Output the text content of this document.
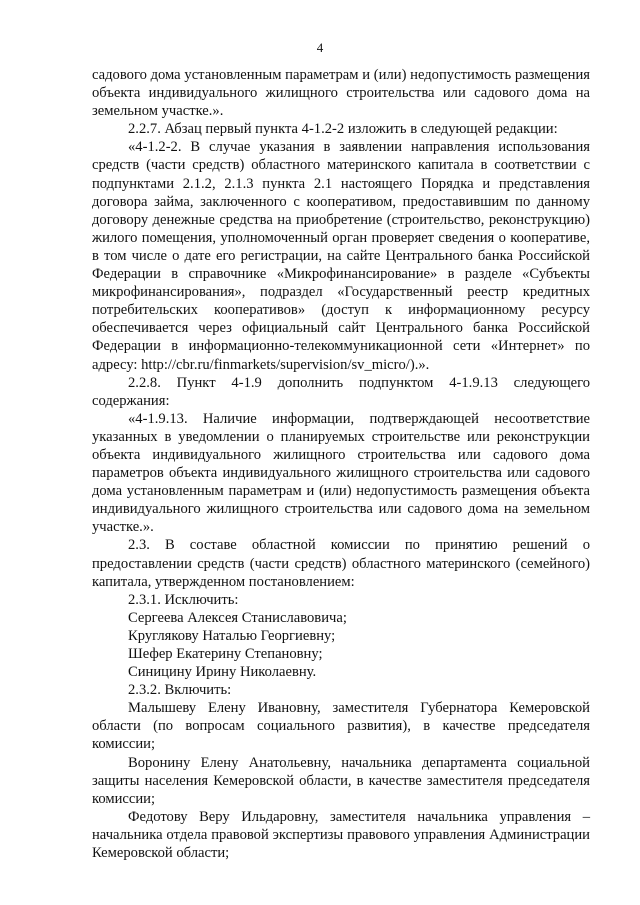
4

садового дома установленным параметрам и (или) недопустимость размещения объекта индивидуального жилищного строительства или садового дома на земельном участке.».

2.2.7. Абзац первый пункта 4-1.2-2 изложить в следующей редакции:

«4-1.2-2. В случае указания в заявлении направления использования средств (части средств) областного материнского капитала в соответствии с подпунктами 2.1.2, 2.1.3 пункта 2.1 настоящего Порядка и представления договора займа, заключенного с кооперативом, предоставившим по данному договору денежные средства на приобретение (строительство, реконструкцию) жилого помещения, уполномоченный орган проверяет сведения о кооперативе, в том числе о дате его регистрации, на сайте Центрального банка Российской Федерации в справочнике «Микрофинансирование» в разделе «Субъекты микрофинансирования», подраздел «Государственный реестр кредитных потребительских кооперативов» (доступ к информационному ресурсу обеспечивается через официальный сайт Центрального банка Российской Федерации в информационно-телекоммуникационной сети «Интернет» по адресу: http://cbr.ru/finmarkets/supervision/sv_micro/).».

2.2.8. Пункт 4-1.9 дополнить подпунктом 4-1.9.13 следующего содержания:

«4-1.9.13. Наличие информации, подтверждающей несоответствие указанных в уведомлении о планируемых строительстве или реконструкции объекта индивидуального жилищного строительства или садового дома параметров объекта индивидуального жилищного строительства или садового дома установленным параметрам и (или) недопустимость размещения объекта индивидуального жилищного строительства или садового дома на земельном участке.».

2.3. В составе областной комиссии по принятию решений о предоставлении средств (части средств) областного материнского (семейного) капитала, утвержденном постановлением:

2.3.1. Исключить:

Сергеева Алексея Станиславовича;

Круглякову Наталью Георгиевну;

Шефер Екатерину Степановну;

Синицину Ирину Николаевну.

2.3.2. Включить:

Малышеву Елену Ивановну, заместителя Губернатора Кемеровской области (по вопросам социального развития), в качестве председателя комиссии;

Воронину Елену Анатольевну, начальника департамента социальной защиты населения Кемеровской области, в качестве заместителя председателя комиссии;

Федотову Веру Ильдаровну, заместителя начальника управления – начальника отдела правовой экспертизы правового управления Администрации Кемеровской области;
